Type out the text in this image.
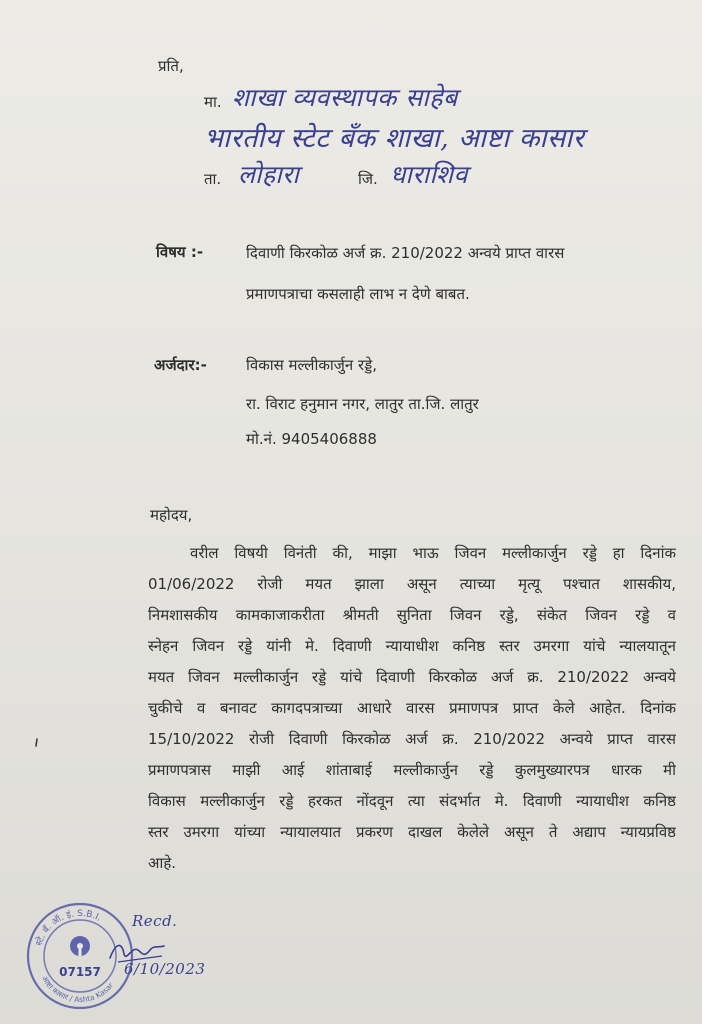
प्रति,
मा. शाखा व्यवस्थापक साहेब
भारतीय स्टेट बँक शाखा, आष्टा कासार
ता. लोहारा	जि. धाराशिव
विषय :-	दिवाणी किरकोळ अर्ज क्र. 210/2022 अन्वये प्राप्त वारस
प्रमाणपत्राचा कसलाही लाभ न देणे बाबत.
अर्जदार:-	विकास मल्लीकार्जुन रड्डे,
रा. विराट हनुमान नगर, लातुर ता.जि. लातुर
मो.नं. 9405406888
महोदय,
वरील विषयी विनंती की, माझा भाऊ जिवन मल्लीकार्जुन रड्डे हा दिनांक
01/06/2022 रोजी मयत झाला असून त्याच्या मृत्यू पश्चात शासकीय,
निमशासकीय कामकाजाकरीता श्रीमती सुनिता जिवन रड्डे, संकेत जिवन रड्डे व
स्नेहन जिवन रड्डे यांनी मे. दिवाणी न्यायाधीश कनिष्ठ स्तर उमरगा यांचे न्यालयातून
मयत जिवन मल्लीकार्जुन रड्डे यांचे दिवाणी किरकोळ अर्ज क्र. 210/2022 अन्वये
चुकीचे व बनावट कागदपत्राच्या आधारे वारस प्रमाणपत्र प्राप्त केले आहेत. दिनांक
15/10/2022 रोजी दिवाणी किरकोळ अर्ज क्र. 210/2022 अन्वये प्राप्त वारस
प्रमाणपत्रास माझी आई शांताबाई मल्लीकार्जुन रड्डे कुलमुख्यारपत्र धारक मी
विकास मल्लीकार्जुन रड्डे हरकत नोंदवून त्या संदर्भात मे. दिवाणी न्यायाधीश कनिष्ठ
स्तर उमरगा यांच्या न्यायालयात प्रकरण दाखल केलेले असून ते अद्याप न्यायप्रविष्ठ
आहे.
स्टे. बँ. ऑ. इं. S.B.I.
आष्टा कासार / Ashta Kasar
07157
Recd.
6/10/2023
